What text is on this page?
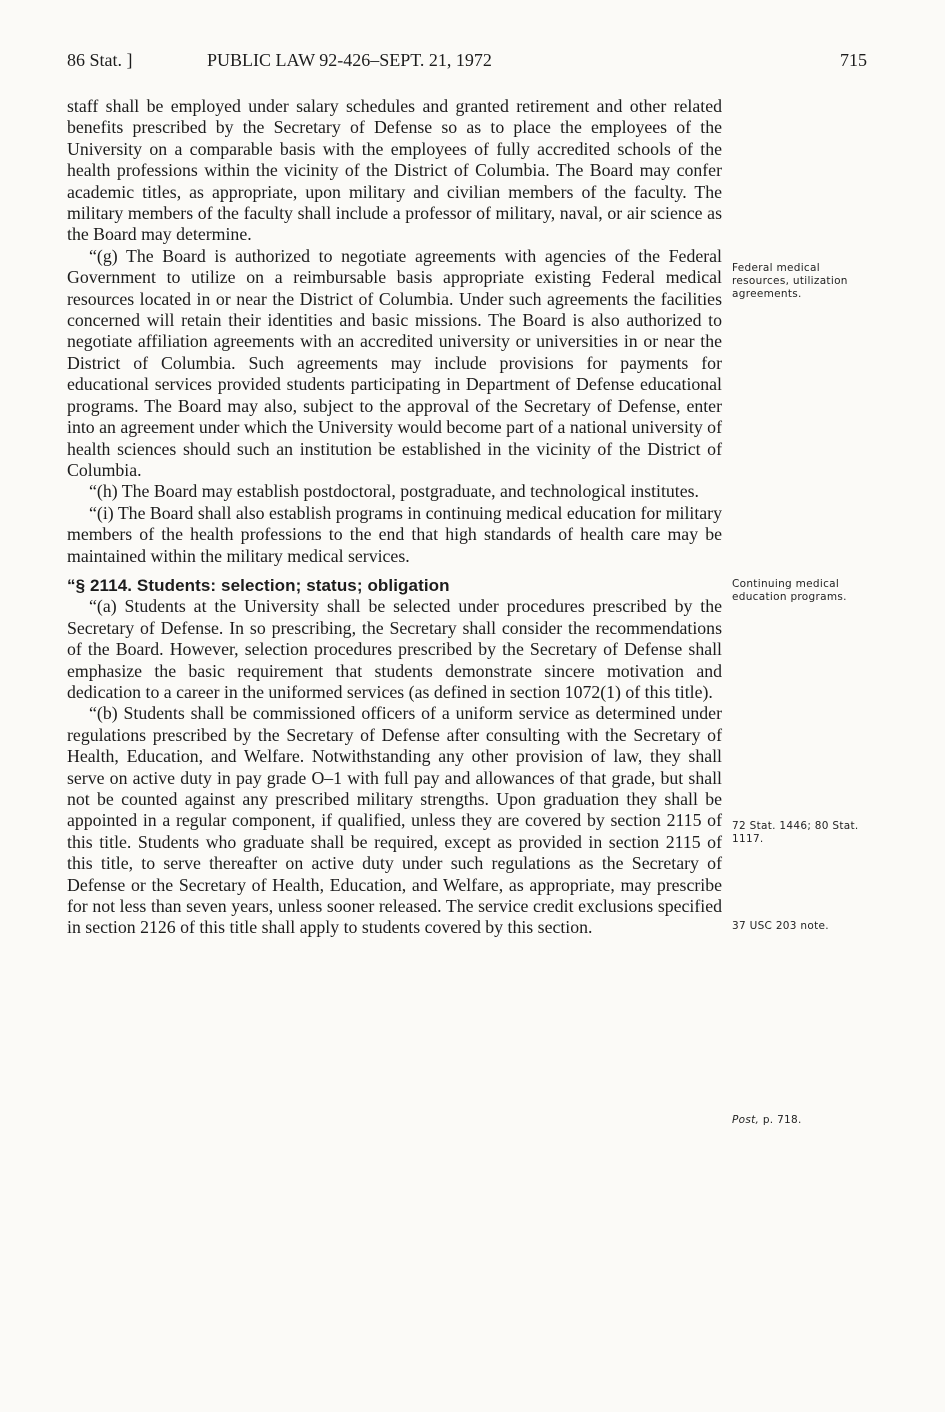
86 Stat. ]	PUBLIC LAW 92-426–SEPT. 21, 1972	715

staff shall be employed under salary schedules and granted retirement and other related benefits prescribed by the Secretary of Defense so as to place the employees of the University on a comparable basis with the employees of fully accredited schools of the health professions within the vicinity of the District of Columbia. The Board may confer academic titles, as appropriate, upon military and civilian members of the faculty. The military members of the faculty shall include a professor of military, naval, or air science as the Board may determine.

“(g) The Board is authorized to negotiate agreements with agencies of the Federal Government to utilize on a reimbursable basis appropriate existing Federal medical resources located in or near the District of Columbia. Under such agreements the facilities concerned will retain their identities and basic missions. The Board is also authorized to negotiate affiliation agreements with an accredited university or universities in or near the District of Columbia. Such agreements may include provisions for payments for educational services provided students participating in Department of Defense educational programs. The Board may also, subject to the approval of the Secretary of Defense, enter into an agreement under which the University would become part of a national university of health sciences should such an institution be established in the vicinity of the District of Columbia.

“(h) The Board may establish postdoctoral, postgraduate, and technological institutes.

“(i) The Board shall also establish programs in continuing medical education for military members of the health professions to the end that high standards of health care may be maintained within the military medical services.

“§ 2114. Students: selection; status; obligation

“(a) Students at the University shall be selected under procedures prescribed by the Secretary of Defense. In so prescribing, the Secretary shall consider the recommendations of the Board. However, selection procedures prescribed by the Secretary of Defense shall emphasize the basic requirement that students demonstrate sincere motivation and dedication to a career in the uniformed services (as defined in section 1072(1) of this title).

“(b) Students shall be commissioned officers of a uniform service as determined under regulations prescribed by the Secretary of Defense after consulting with the Secretary of Health, Education, and Welfare. Notwithstanding any other provision of law, they shall serve on active duty in pay grade O–1 with full pay and allowances of that grade, but shall not be counted against any prescribed military strengths. Upon graduation they shall be appointed in a regular component, if qualified, unless they are covered by section 2115 of this title. Students who graduate shall be required, except as provided in section 2115 of this title, to serve thereafter on active duty under such regulations as the Secretary of Defense or the Secretary of Health, Education, and Welfare, as appropriate, may prescribe for not less than seven years, unless sooner released. The service credit exclusions specified in section 2126 of this title shall apply to students covered by this section.

Federal medical resources, utilization agreements.
Continuing medical education programs.
72 Stat. 1446; 80 Stat. 1117.
37 USC 203 note.
Post, p. 718.
